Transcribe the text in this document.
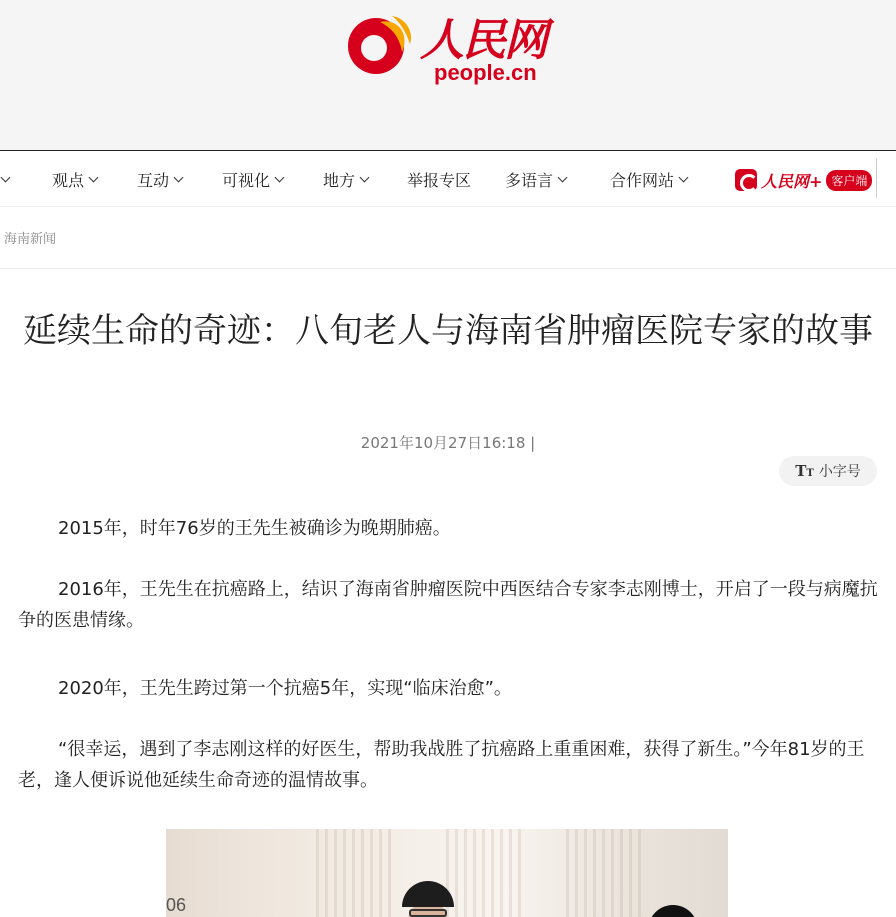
人民网
people.cn
观点	互动	可视化	地方	举报专区 多语言	合作网站	人民网+ 客户端
海南新闻
延续生命的奇迹：八旬老人与海南省肿瘤医院专家的故事
2021年10月27日16:18 |
TT 小字号

2015年，时年76岁的王先生被确诊为晚期肺癌。

2016年，王先生在抗癌路上，结识了海南省肿瘤医院中西医结合专家李志刚博士，开启了一段与病魔抗争的医患情缘。

2020年，王先生跨过第一个抗癌5年，实现“临床治愈”。

“很幸运，遇到了李志刚这样的好医生，帮助我战胜了抗癌路上重重困难，获得了新生。”今年81岁的王老，逢人便诉说他延续生命奇迹的温情故事。

06
